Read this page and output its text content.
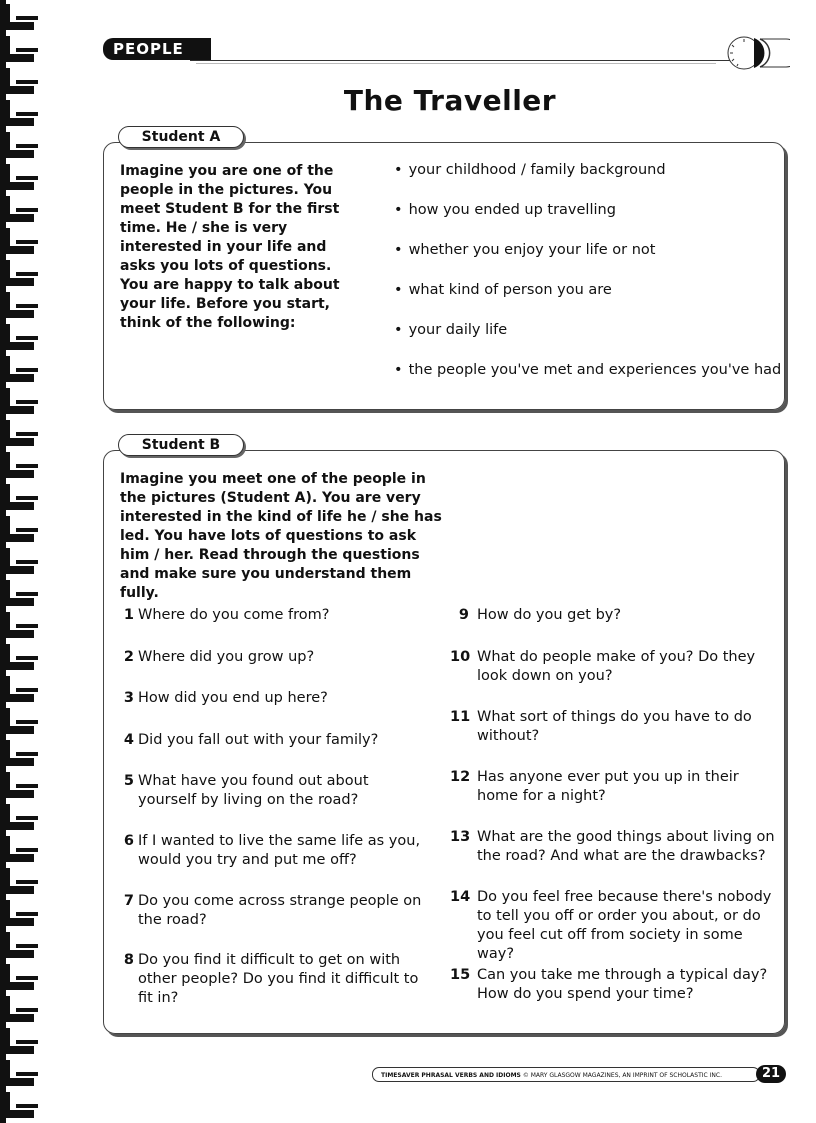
PEOPLE
The Traveller
Student A
Imagine you are one of the people in the pictures. You meet Student B for the first time. He / she is very interested in your life and asks you lots of questions. You are happy to talk about your life. Before you start, think of the following:
• your childhood / family background
• how you ended up travelling
• whether you enjoy your life or not
• what kind of person you are
• your daily life
• the people you've met and experiences you've had
Student B
Imagine you meet one of the people in the pictures (Student A). You are very interested in the kind of life he / she has led. You have lots of questions to ask him / her. Read through the questions and make sure you understand them fully.
1 Where do you come from?
2 Where did you grow up?
3 How did you end up here?
4 Did you fall out with your family?
5 What have you found out about yourself by living on the road?
6 If I wanted to live the same life as you, would you try and put me off?
7 Do you come across strange people on the road?
8 Do you find it difficult to get on with other people? Do you find it difficult to fit in?
9 How do you get by?
10 What do people make of you? Do they look down on you?
11 What sort of things do you have to do without?
12 Has anyone ever put you up in their home for a night?
13 What are the good things about living on the road? And what are the drawbacks?
14 Do you feel free because there's nobody to tell you off or order you about, or do you feel cut off from society in some way?
15 Can you take me through a typical day? How do you spend your time?
TIMESAVER PHRASAL VERBS AND IDIOMS © MARY GLASGOW MAGAZINES, AN IMPRINT OF SCHOLASTIC INC.	21
